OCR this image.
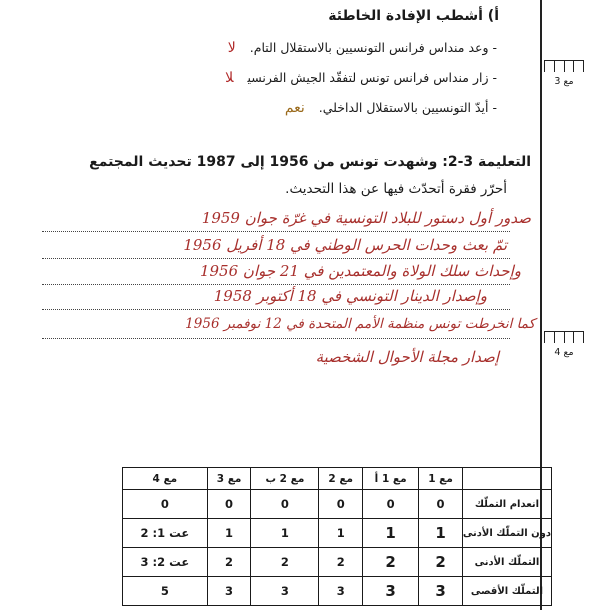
أ) أشطب الإفادة الخاطئة
- وعد منداس فرانس التونسيين بالاستقلال التام.لا
- زار منداس فرانس تونس لتفقّد الجيش الفرنسيلا
- أيدّ التونسيين بالاستقلال الداخلي.نعم
التعليمة 3-2: وشهدت تونس من 1956 إلى 1987 تحديث المجتمع
أحرّر فقرة أتحدّث فيها عن هذا التحديث.
صدور أول دستور للبلاد التونسية في غرّة جوان 1959
تمّ بعث وحدات الحرس الوطني في 18 أفريل 1956
وإحداث سلك الولاة والمعتمدين في 21 جوان 1956
وإصدار الدينار التونسي في 18 أكتوبر 1958
كما انخرطت تونس منظمة الأمم المتحدة في 12 نوفمبر 1956
إصدار مجلة الأحوال الشخصية
مع 3
مع 4
	مع 1	مع 1 أ	مع 2	مع 2 ب	مع 3	مع 4
انعدام التملّك	0	0	0	0	0	0
دون التملّك الأدنى	1	1	1	1	1	عت 1: 2
التملّك الأدنى	2	2	2	2	2	عت 2: 3
التملّك الأقصى	3	3	3	3	3	5
